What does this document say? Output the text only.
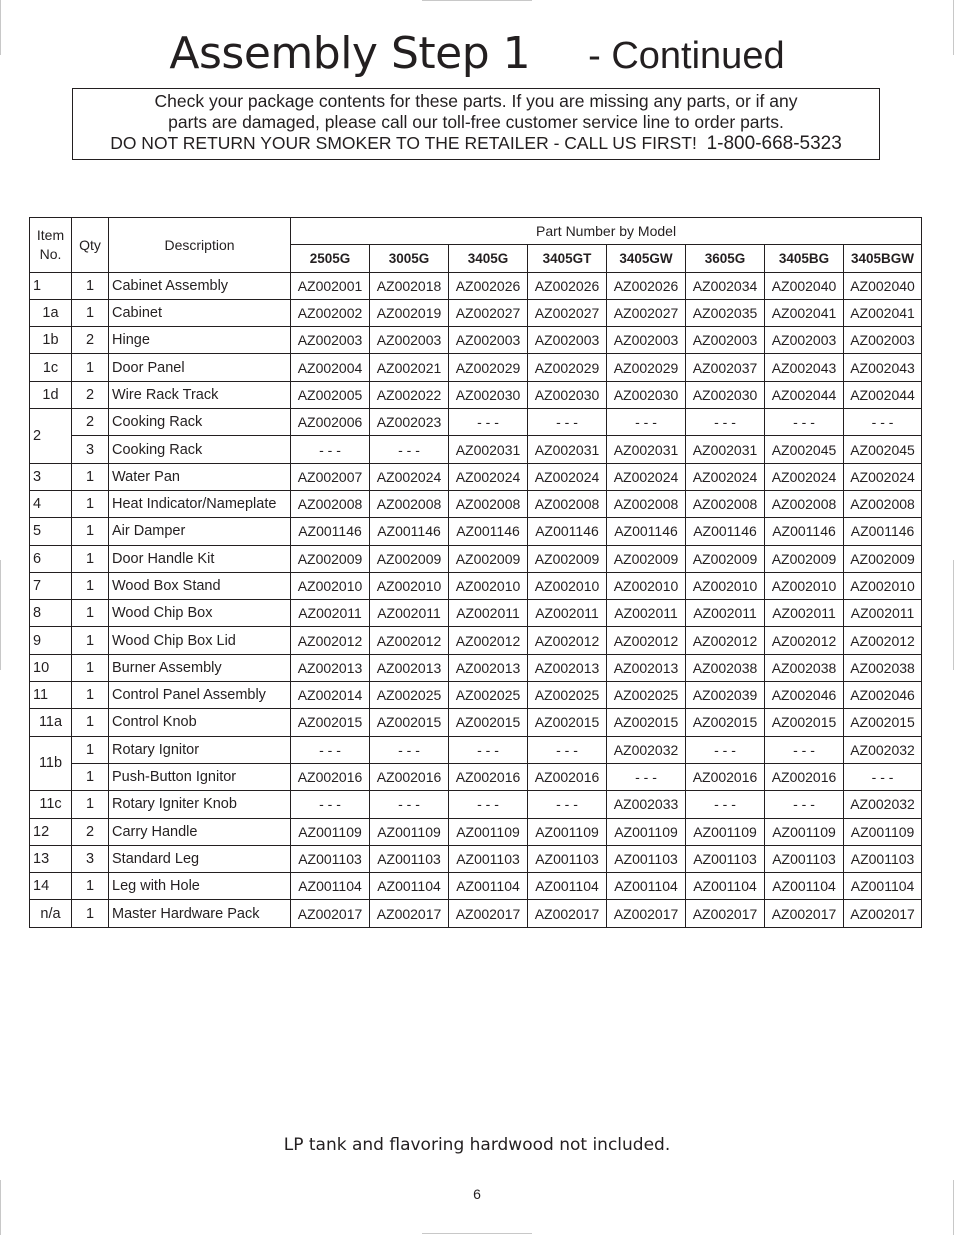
Assembly Step 1 - Continued
Check your package contents for these parts. If you are missing any parts, or if any
parts are damaged, please call our toll-free customer service line to order parts.
DO NOT RETURN YOUR SMOKER TO THE RETAILER - CALL US FIRST! 1-800-668-5323
Item No.	Qty	Description	Part Number by Model							
			2505G	3005G	3405G	3405GT	3405GW	3605G	3405BG	3405BGW
1	1	Cabinet Assembly	AZ002001	AZ002018	AZ002026	AZ002026	AZ002026	AZ002034	AZ002040	AZ002040
1a	1	Cabinet	AZ002002	AZ002019	AZ002027	AZ002027	AZ002027	AZ002035	AZ002041	AZ002041
1b	2	Hinge	AZ002003	AZ002003	AZ002003	AZ002003	AZ002003	AZ002003	AZ002003	AZ002003
1c	1	Door Panel	AZ002004	AZ002021	AZ002029	AZ002029	AZ002029	AZ002037	AZ002043	AZ002043
1d	2	Wire Rack Track	AZ002005	AZ002022	AZ002030	AZ002030	AZ002030	AZ002030	AZ002044	AZ002044
2	2	Cooking Rack	AZ002006	AZ002023	- - -	- - -	- - -	- - -	- - -	- - -
	3	Cooking Rack	- - -	- - -	AZ002031	AZ002031	AZ002031	AZ002031	AZ002045	AZ002045
3	1	Water Pan	AZ002007	AZ002024	AZ002024	AZ002024	AZ002024	AZ002024	AZ002024	AZ002024
4	1	Heat Indicator/Nameplate	AZ002008	AZ002008	AZ002008	AZ002008	AZ002008	AZ002008	AZ002008	AZ002008
5	1	Air Damper	AZ001146	AZ001146	AZ001146	AZ001146	AZ001146	AZ001146	AZ001146	AZ001146
6	1	Door Handle Kit	AZ002009	AZ002009	AZ002009	AZ002009	AZ002009	AZ002009	AZ002009	AZ002009
7	1	Wood Box Stand	AZ002010	AZ002010	AZ002010	AZ002010	AZ002010	AZ002010	AZ002010	AZ002010
8	1	Wood Chip Box	AZ002011	AZ002011	AZ002011	AZ002011	AZ002011	AZ002011	AZ002011	AZ002011
9	1	Wood Chip Box Lid	AZ002012	AZ002012	AZ002012	AZ002012	AZ002012	AZ002012	AZ002012	AZ002012
10	1	Burner Assembly	AZ002013	AZ002013	AZ002013	AZ002013	AZ002013	AZ002038	AZ002038	AZ002038
11	1	Control Panel Assembly	AZ002014	AZ002025	AZ002025	AZ002025	AZ002025	AZ002039	AZ002046	AZ002046
11a	1	Control Knob	AZ002015	AZ002015	AZ002015	AZ002015	AZ002015	AZ002015	AZ002015	AZ002015
11b	1	Rotary Ignitor	- - -	- - -	- - -	- - -	AZ002032	- - -	- - -	AZ002032
	1	Push-Button Ignitor	AZ002016	AZ002016	AZ002016	AZ002016	- - -	AZ002016	AZ002016	- - -
11c	1	Rotary Igniter Knob	- - -	- - -	- - -	- - -	AZ002033	- - -	- - -	AZ002032
12	2	Carry Handle	AZ001109	AZ001109	AZ001109	AZ001109	AZ001109	AZ001109	AZ001109	AZ001109
13	3	Standard Leg	AZ001103	AZ001103	AZ001103	AZ001103	AZ001103	AZ001103	AZ001103	AZ001103
14	1	Leg with Hole	AZ001104	AZ001104	AZ001104	AZ001104	AZ001104	AZ001104	AZ001104	AZ001104
n/a	1	Master Hardware Pack	AZ002017	AZ002017	AZ002017	AZ002017	AZ002017	AZ002017	AZ002017	AZ002017
LP tank and flavoring hardwood not included.
6
